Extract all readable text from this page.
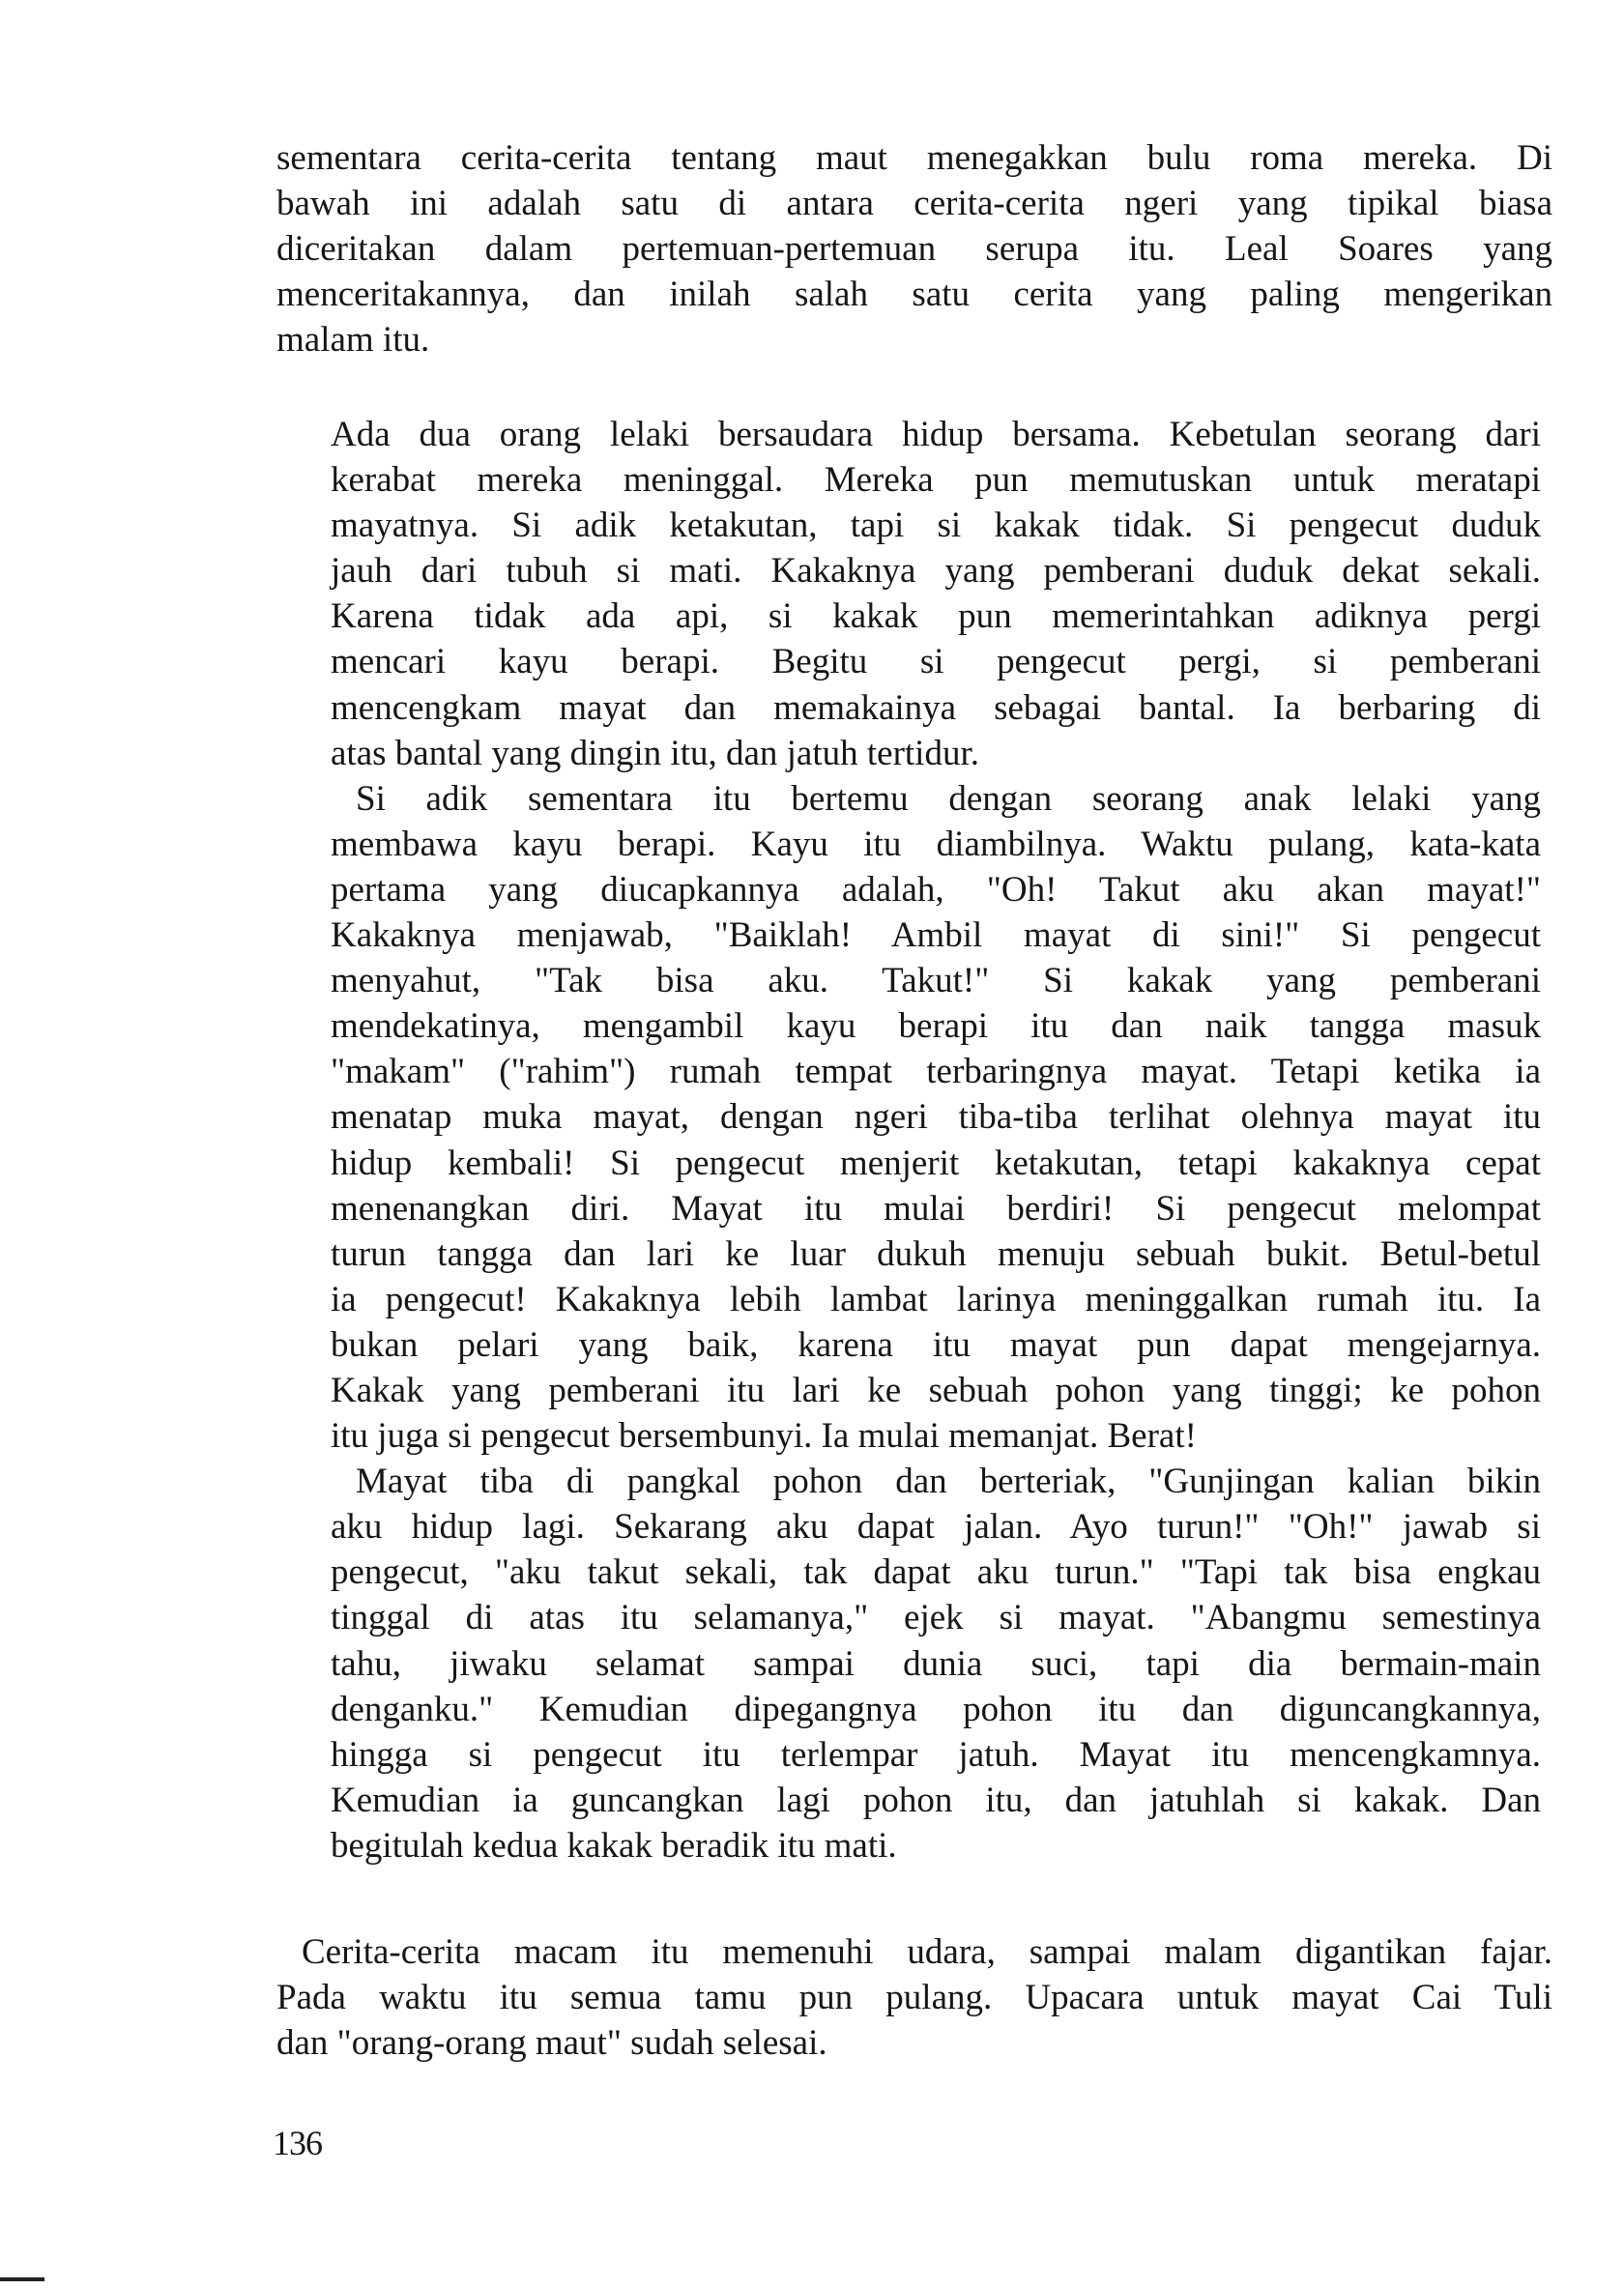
sementara cerita-cerita tentang maut menegakkan bulu roma mereka. Di
bawah ini adalah satu di antara cerita-cerita ngeri yang tipikal biasa
diceritakan dalam pertemuan-pertemuan serupa itu. Leal Soares yang
menceritakannya, dan inilah salah satu cerita yang paling mengerikan
malam itu.
Ada dua orang lelaki bersaudara hidup bersama. Kebetulan seorang dari
kerabat mereka meninggal. Mereka pun memutuskan untuk meratapi
mayatnya. Si adik ketakutan, tapi si kakak tidak. Si pengecut duduk
jauh dari tubuh si mati. Kakaknya yang pemberani duduk dekat sekali.
Karena tidak ada api, si kakak pun memerintahkan adiknya pergi
mencari kayu berapi. Begitu si pengecut pergi, si pemberani
mencengkam mayat dan memakainya sebagai bantal. Ia berbaring di
atas bantal yang dingin itu, dan jatuh tertidur.
Si adik sementara itu bertemu dengan seorang anak lelaki yang
membawa kayu berapi. Kayu itu diambilnya. Waktu pulang, kata-kata
pertama yang diucapkannya adalah, "Oh! Takut aku akan mayat!"
Kakaknya menjawab, "Baiklah! Ambil mayat di sini!" Si pengecut
menyahut, "Tak bisa aku. Takut!" Si kakak yang pemberani
mendekatinya, mengambil kayu berapi itu dan naik tangga masuk
"makam" ("rahim") rumah tempat terbaringnya mayat. Tetapi ketika ia
menatap muka mayat, dengan ngeri tiba-tiba terlihat olehnya mayat itu
hidup kembali! Si pengecut menjerit ketakutan, tetapi kakaknya cepat
menenangkan diri. Mayat itu mulai berdiri! Si pengecut melompat
turun tangga dan lari ke luar dukuh menuju sebuah bukit. Betul-betul
ia pengecut! Kakaknya lebih lambat larinya meninggalkan rumah itu. Ia
bukan pelari yang baik, karena itu mayat pun dapat mengejarnya.
Kakak yang pemberani itu lari ke sebuah pohon yang tinggi; ke pohon
itu juga si pengecut bersembunyi. Ia mulai memanjat. Berat!
Mayat tiba di pangkal pohon dan berteriak, "Gunjingan kalian bikin
aku hidup lagi. Sekarang aku dapat jalan. Ayo turun!" "Oh!" jawab si
pengecut, "aku takut sekali, tak dapat aku turun." "Tapi tak bisa engkau
tinggal di atas itu selamanya," ejek si mayat. "Abangmu semestinya
tahu, jiwaku selamat sampai dunia suci, tapi dia bermain-main
denganku." Kemudian dipegangnya pohon itu dan diguncangkannya,
hingga si pengecut itu terlempar jatuh. Mayat itu mencengkamnya.
Kemudian ia guncangkan lagi pohon itu, dan jatuhlah si kakak. Dan
begitulah kedua kakak beradik itu mati.
Cerita-cerita macam itu memenuhi udara, sampai malam digantikan fajar.
Pada waktu itu semua tamu pun pulang. Upacara untuk mayat Cai Tuli
dan "orang-orang maut" sudah selesai.
136
